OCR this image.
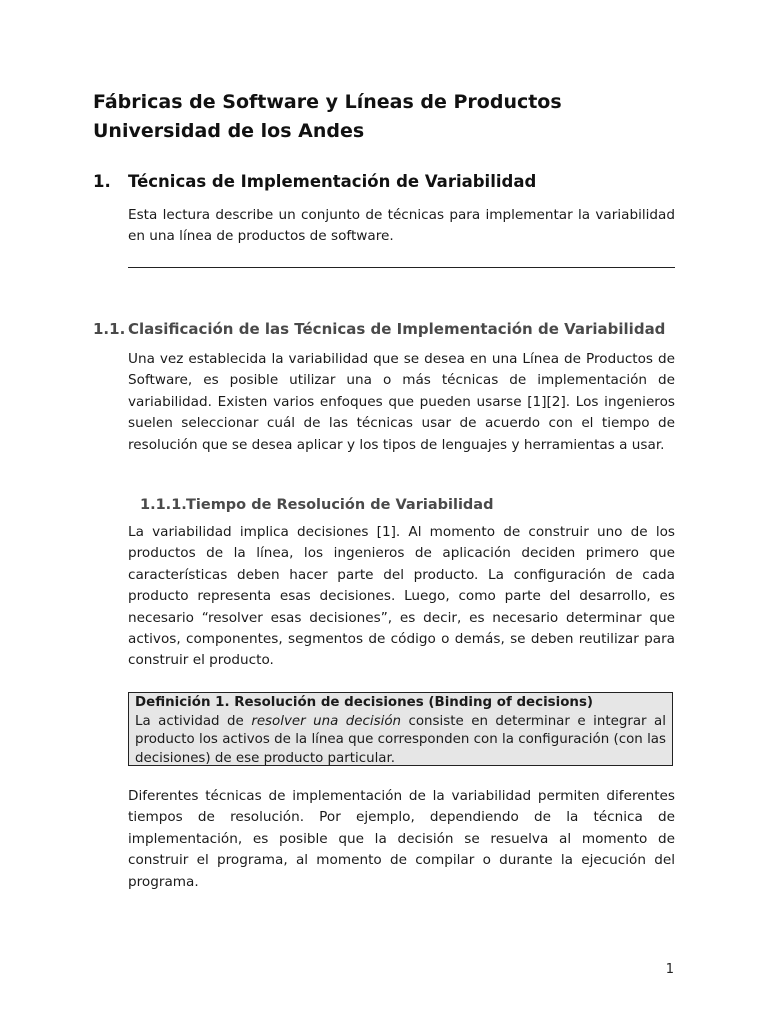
Fábricas de Software y Líneas de Productos
Universidad de los Andes
1. Técnicas de Implementación de Variabilidad

Esta lectura describe un conjunto de técnicas para implementar la variabilidad en una línea de productos de software.

1.1. Clasificación de las Técnicas de Implementación de Variabilidad

Una vez establecida la variabilidad que se desea en una Línea de Productos de Software, es posible utilizar una o más técnicas de implementación de variabilidad. Existen varios enfoques que pueden usarse [1][2]. Los ingenieros suelen seleccionar cuál de las técnicas usar de acuerdo con el tiempo de resolución que se desea aplicar y los tipos de lenguajes y herramientas a usar.

1.1.1.Tiempo de Resolución de Variabilidad

La variabilidad implica decisiones [1]. Al momento de construir uno de los productos de la línea, los ingenieros de aplicación deciden primero que características deben hacer parte del producto. La configuración de cada producto representa esas decisiones. Luego, como parte del desarrollo, es necesario “resolver esas decisiones”, es decir, es necesario determinar que activos, componentes, segmentos de código o demás, se deben reutilizar para construir el producto.

Definición 1. Resolución de decisiones (Binding of decisions)

La actividad de resolver una decisión consiste en determinar e integrar al producto los activos de la línea que corresponden con la configuración (con las decisiones) de ese producto particular.

Diferentes técnicas de implementación de la variabilidad permiten diferentes tiempos de resolución. Por ejemplo, dependiendo de la técnica de implementación, es posible que la decisión se resuelva al momento de construir el programa, al momento de compilar o durante la ejecución del programa.

1
